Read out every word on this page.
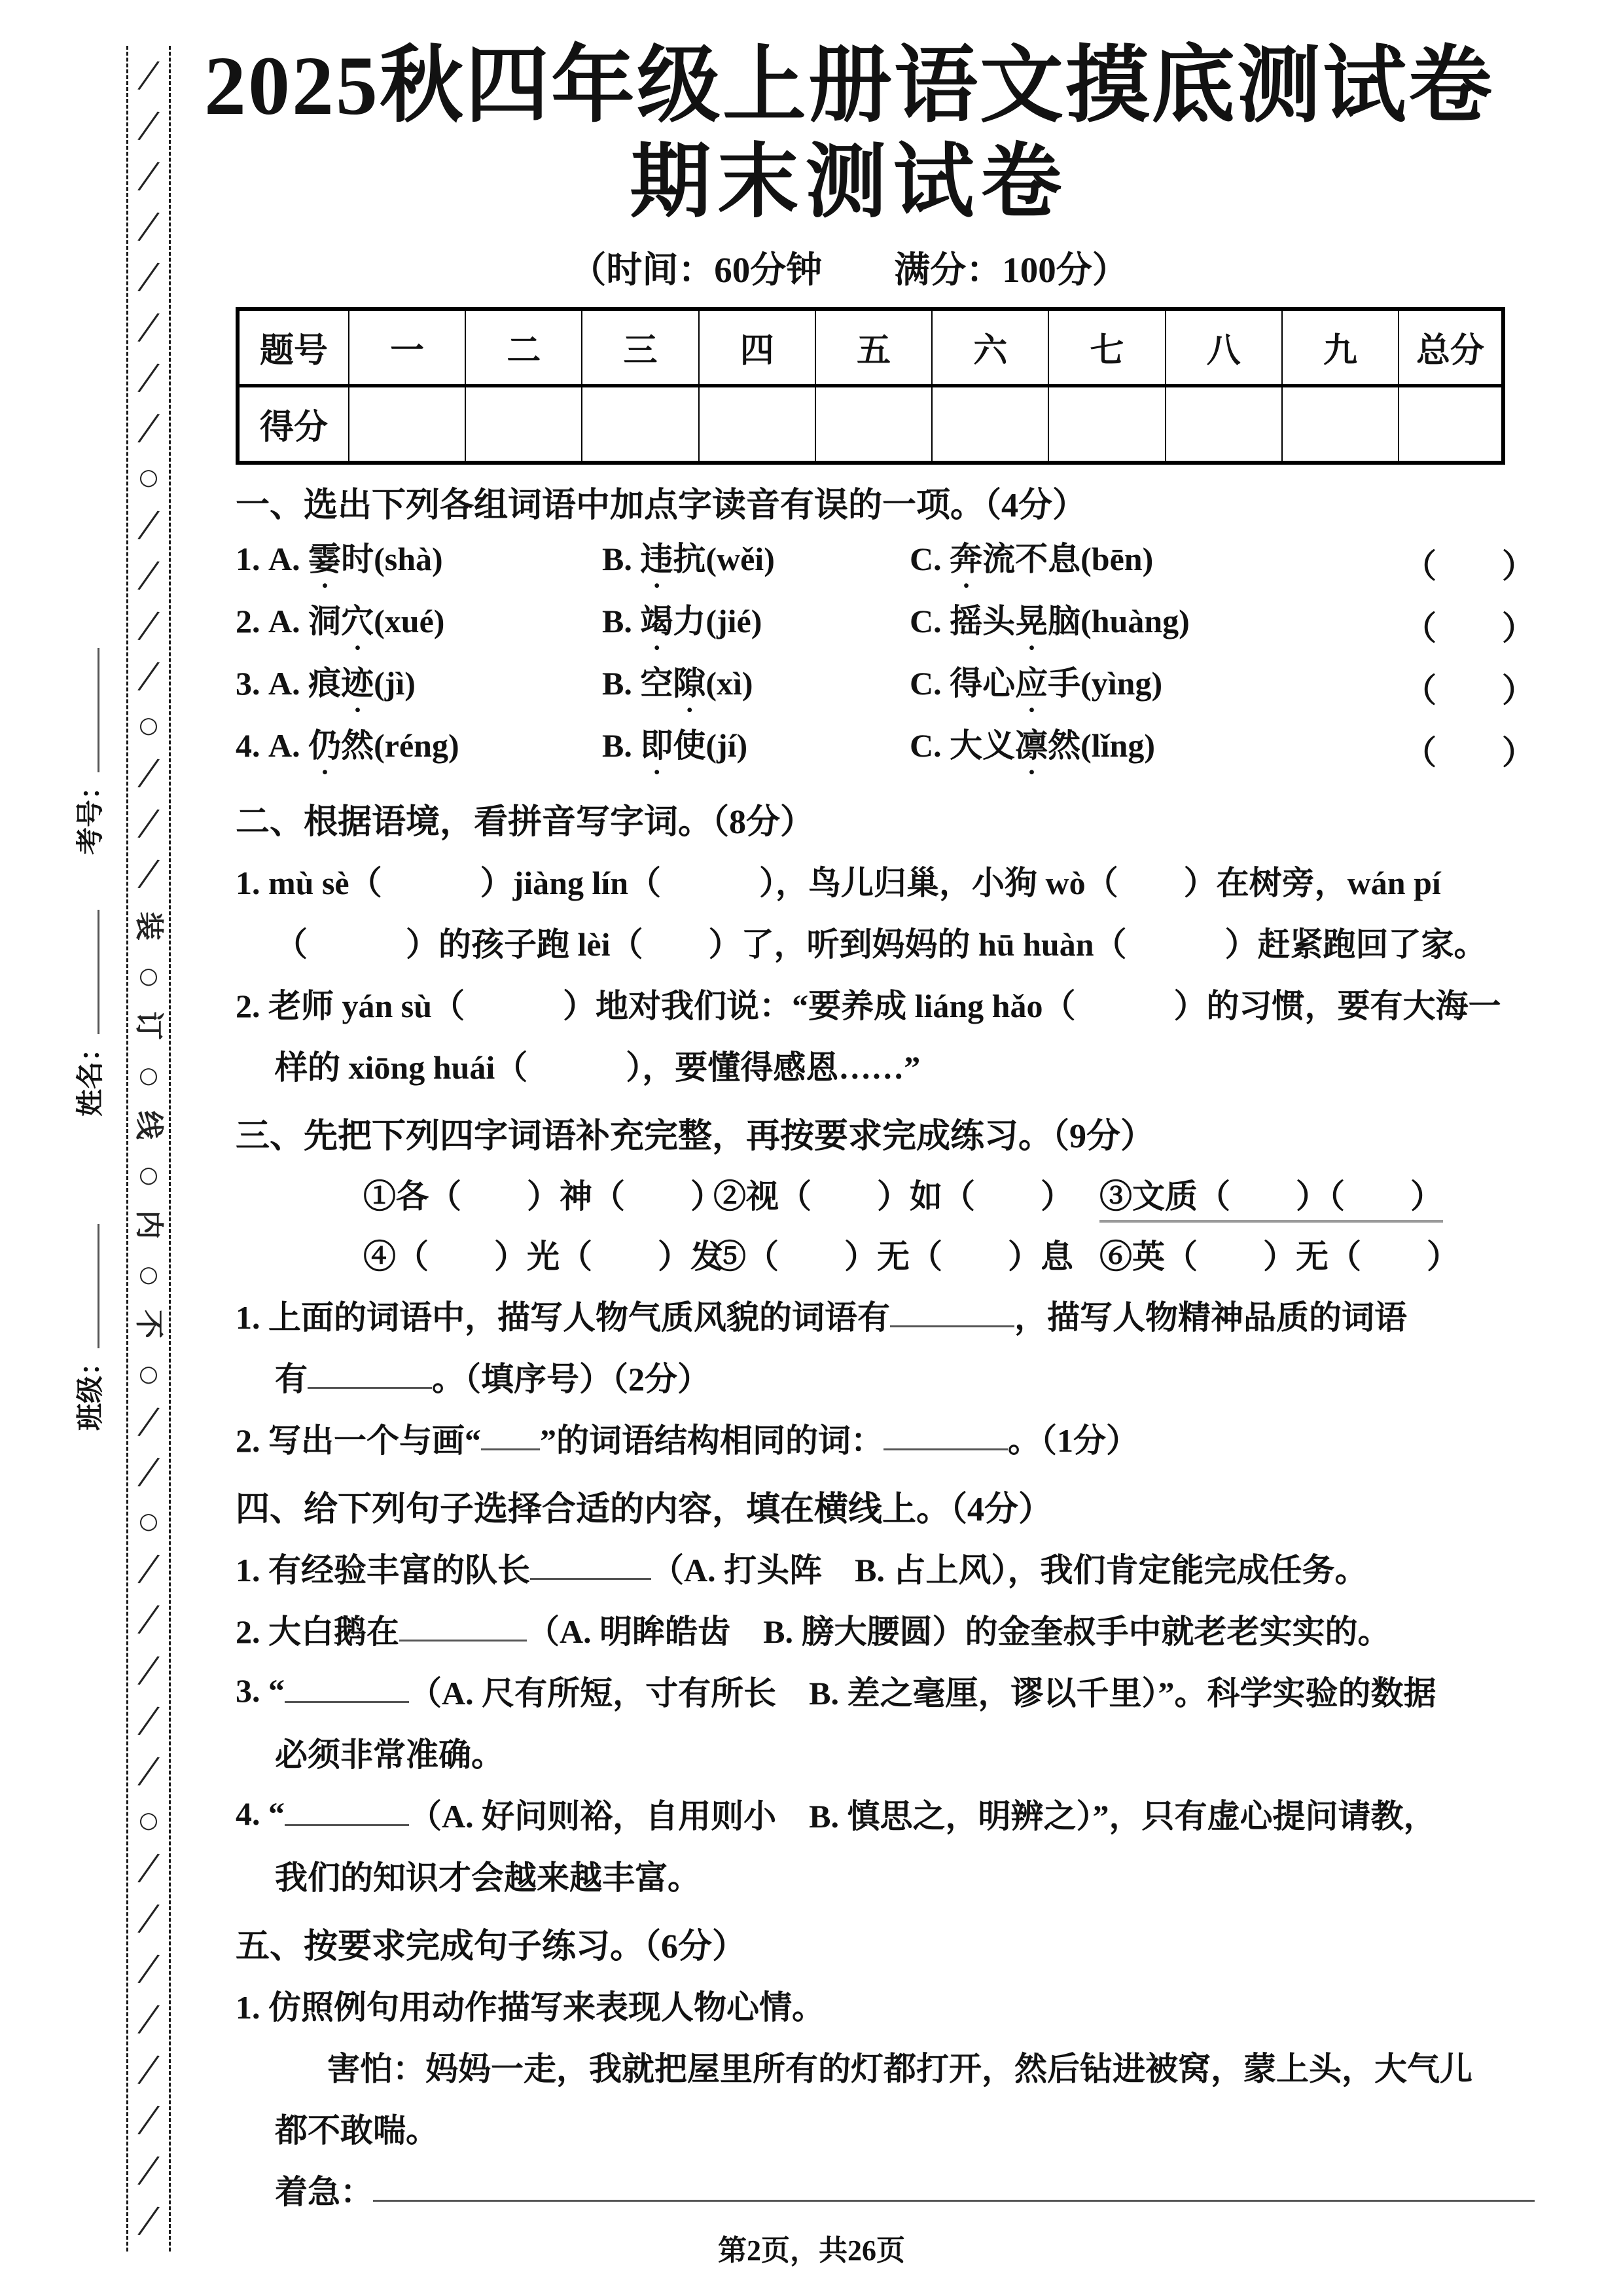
╱
╱
╱
╱
╱
╱
╱
╱
○
╱
╱
╱
╱
○
╱
╱
╱
装
○
订
○
线
○
内
○
不
○
╱
╱
○
╱
╱
╱
╱
╱
○
╱
╱
╱
╱
╱
╱
╱
╱
考号：
姓名：
班级：
2025秋四年级上册语文摸底测试卷
期末测试卷
（时间：60分钟　　满分：100分）
题号	一	二	三	四	五	六	七	八	九	总分
得分										
一、选出下列各组词语中加点字读音有误的一项。（4分）
1. A. 霎时(shà)	B. 违抗(wěi)	C. 奔流不息(bēn)	（　　）
2. A. 洞穴(xué)	B. 竭力(jié)	C. 摇头晃脑(huàng)	（　　）
3. A. 痕迹(jì)	B. 空隙(xì)	C. 得心应手(yìng)	（　　）
4. A. 仍然(réng)	B. 即使(jí)	C. 大义凛然(lǐng)	（　　）
二、根据语境，看拼音写字词。（8分）
1. mù sè（　　　）jiàng lín（　　　），鸟儿归巢，小狗 wò（　　）在树旁，wán pí
（　　　）的孩子跑 lèi（　　）了，听到妈妈的 hū huàn（　　　）赶紧跑回了家。
2. 老师 yán sù（　　　）地对我们说：“要养成 liáng hǎo（　　　）的习惯，要有大海一
样的 xiōng huái（　　　），要懂得感恩……”
三、先把下列四字词语补充完整，再按要求完成练习。（9分）
①各（　　）神（　　）
②视（　　）如（　　） ③文质（　　）（　　）
④（　　）光（　　）发
⑤（　　）无（　　）息 ⑥英（　　）无（　　）
1. 上面的词语中，描写人物气质风貌的词语有	，描写人物精神品质的词语
有	。（填序号）（2分）
2. 写出一个与画“ ”的词语结构相同的词：	。（1分）
四、给下列句子选择合适的内容，填在横线上。（4分）
1. 有经验丰富的队长	（A. 打头阵　B. 占上风），我们肯定能完成任务。
2. 大白鹅在	（A. 明眸皓齿　B. 膀大腰圆）的金奎叔手中就老老实实的。
3. “	（A. 尺有所短，寸有所长　B. 差之毫厘，谬以千里）”。科学实验的数据
必须非常准确。
4. “	（A. 好问则裕，自用则小　B. 慎思之，明辨之）”，只有虚心提问请教，
我们的知识才会越来越丰富。
五、按要求完成句子练习。（6分）
1. 仿照例句用动作描写来表现人物心情。
害怕：妈妈一走，我就把屋里所有的灯都打开，然后钻进被窝，蒙上头，大气儿
都不敢喘。
着急：
第2页，共26页
